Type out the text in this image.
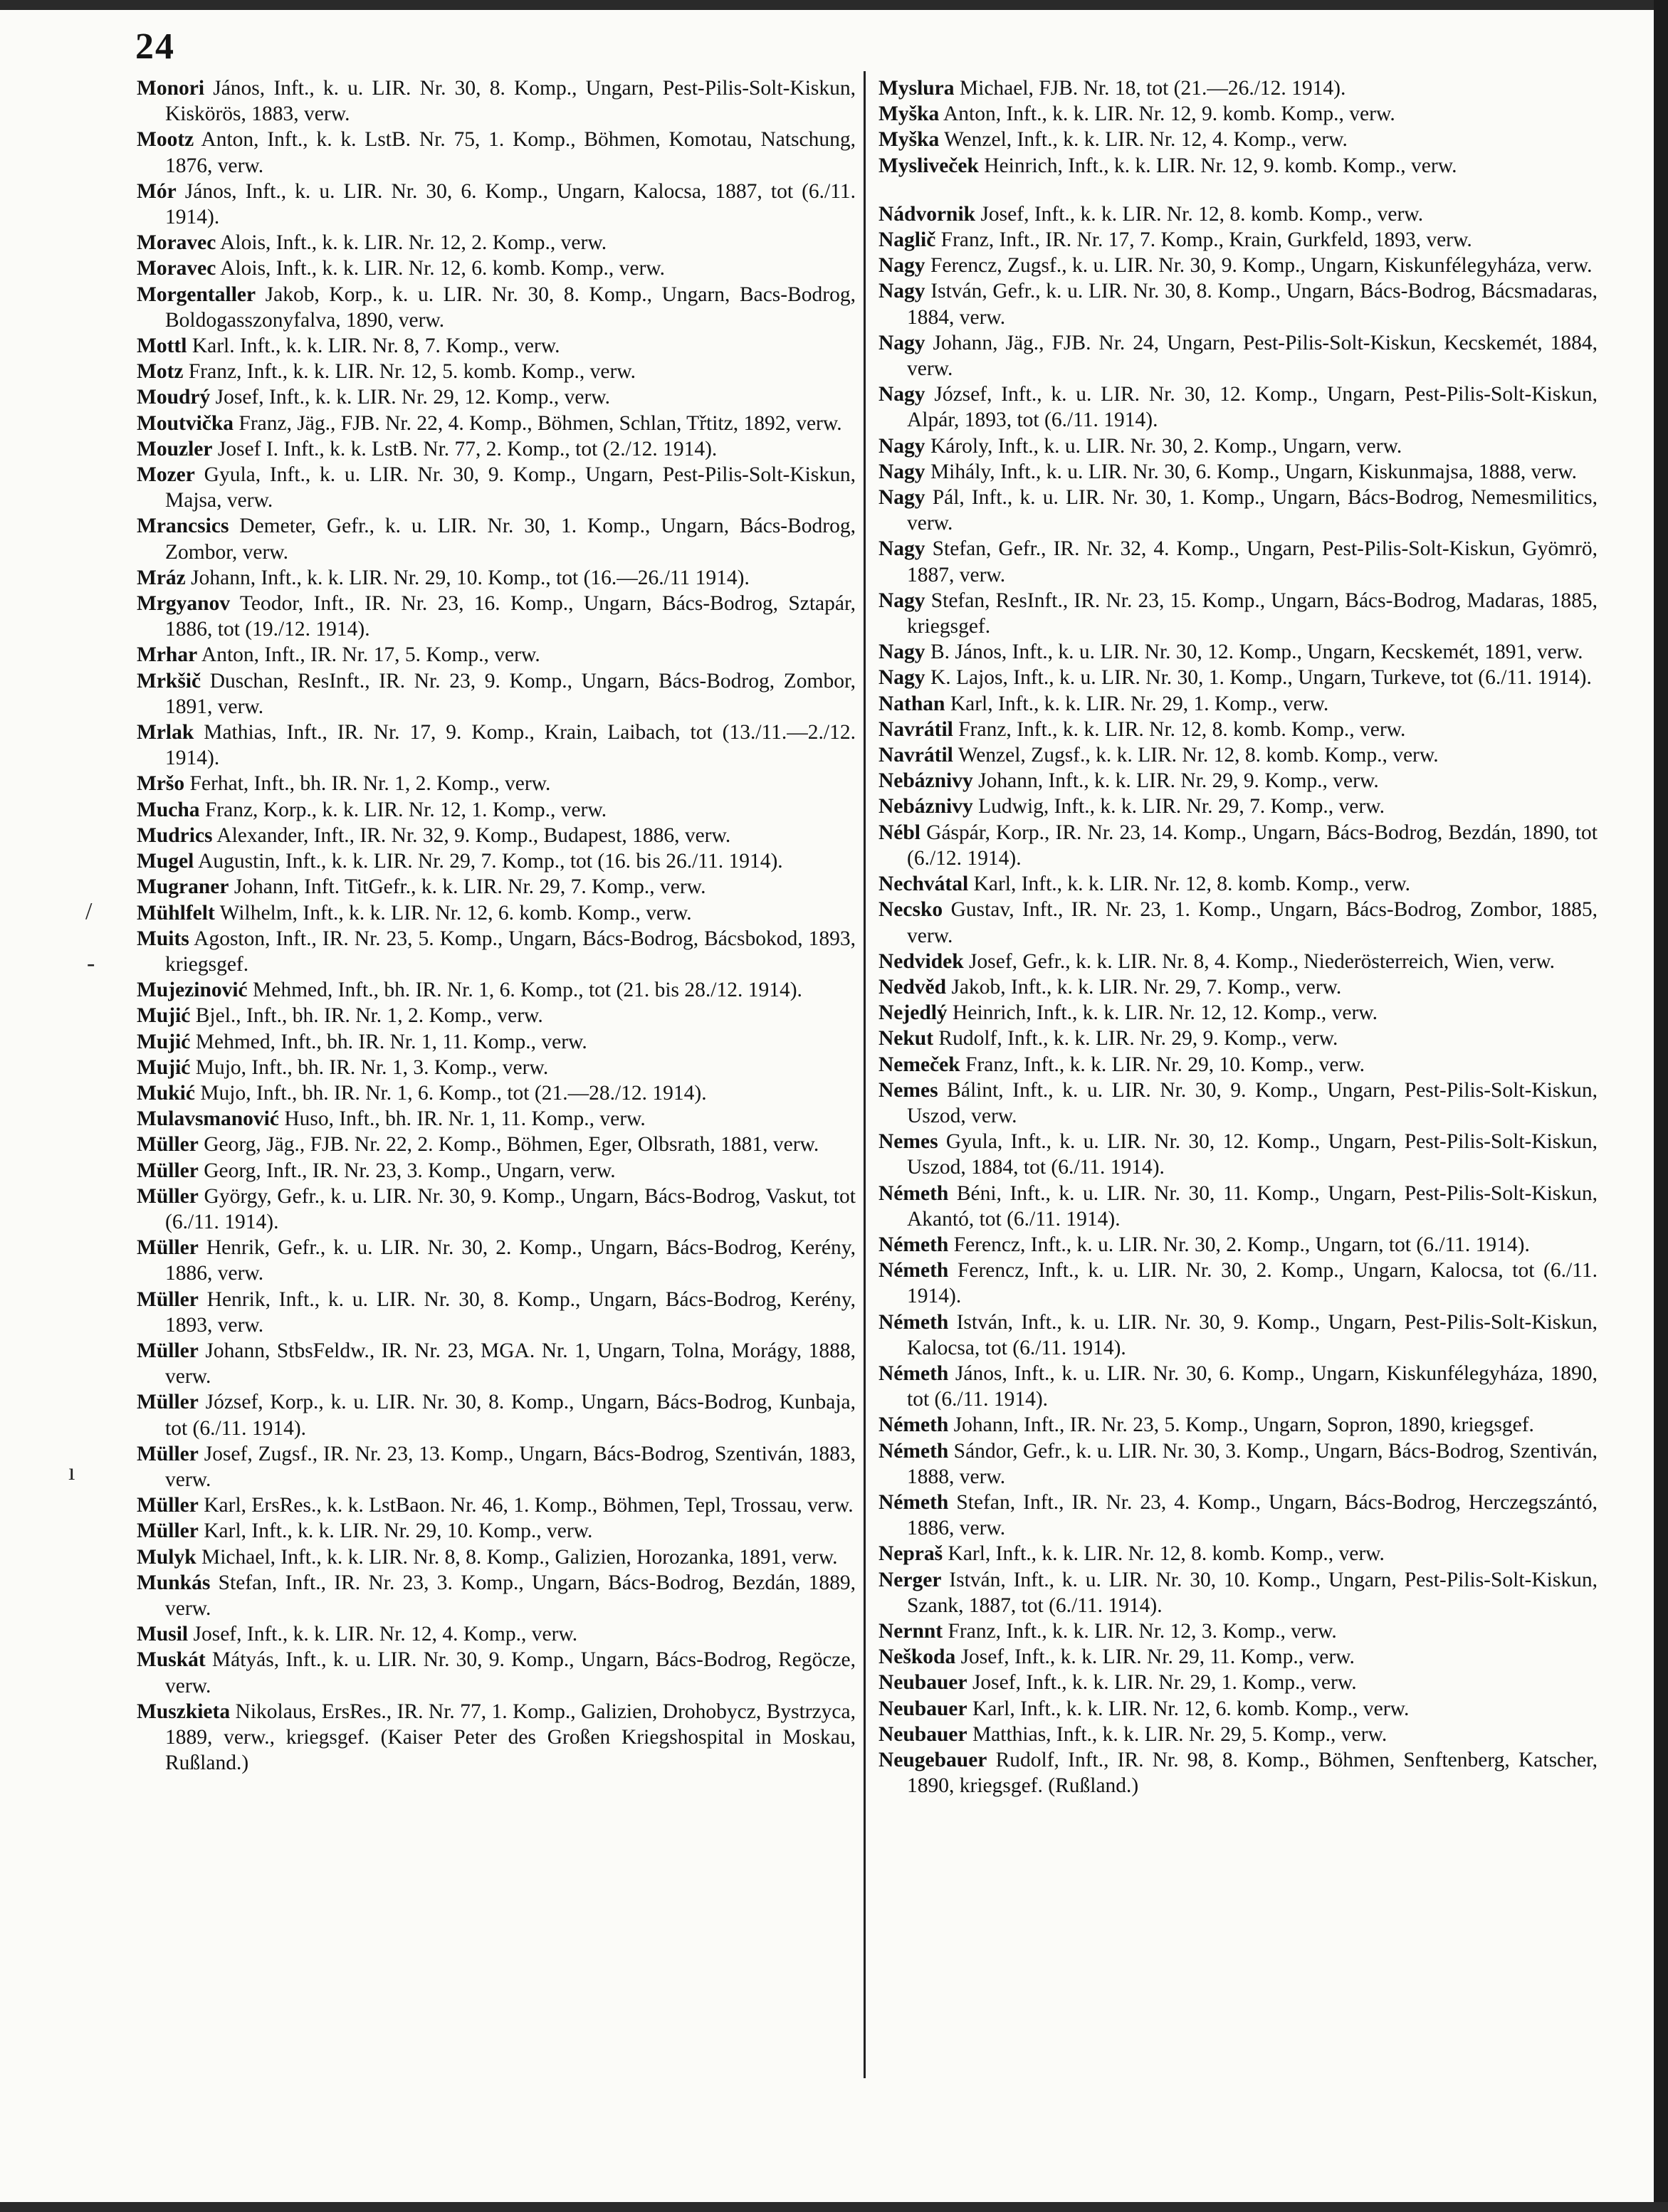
24
/
-
ı
Monori János, Inft., k. u. LIR. Nr. 30, 8. Komp., Ungarn, Pest-Pilis-Solt-Kiskun, Kiskörös, 1883, verw.
Mootz Anton, Inft., k. k. LstB. Nr. 75, 1. Komp., Böhmen, Komotau, Natschung, 1876, verw.
Mór János, Inft., k. u. LIR. Nr. 30, 6. Komp., Ungarn, Kalocsa, 1887, tot (6./11. 1914).
Moravec Alois, Inft., k. k. LIR. Nr. 12, 2. Komp., verw.
Moravec Alois, Inft., k. k. LIR. Nr. 12, 6. komb. Komp., verw.
Morgentaller Jakob, Korp., k. u. LIR. Nr. 30, 8. Komp., Ungarn, Bacs-Bodrog, Boldogasszonyfalva, 1890, verw.
Mottl Karl. Inft., k. k. LIR. Nr. 8, 7. Komp., verw.
Motz Franz, Inft., k. k. LIR. Nr. 12, 5. komb. Komp., verw.
Moudrý Josef, Inft., k. k. LIR. Nr. 29, 12. Komp., verw.
Moutvička Franz, Jäg., FJB. Nr. 22, 4. Komp., Böhmen, Schlan, Třtitz, 1892, verw.
Mouzler Josef I. Inft., k. k. LstB. Nr. 77, 2. Komp., tot (2./12. 1914).
Mozer Gyula, Inft., k. u. LIR. Nr. 30, 9. Komp., Ungarn, Pest-Pilis-Solt-Kiskun, Majsa, verw.
Mrancsics Demeter, Gefr., k. u. LIR. Nr. 30, 1. Komp., Ungarn, Bács-Bodrog, Zombor, verw.
Mráz Johann, Inft., k. k. LIR. Nr. 29, 10. Komp., tot (16.—26./11 1914).
Mrgyanov Teodor, Inft., IR. Nr. 23, 16. Komp., Ungarn, Bács-Bodrog, Sztapár, 1886, tot (19./12. 1914).
Mrhar Anton, Inft., IR. Nr. 17, 5. Komp., verw.
Mrkšič Duschan, ResInft., IR. Nr. 23, 9. Komp., Ungarn, Bács-Bodrog, Zombor, 1891, verw.
Mrlak Mathias, Inft., IR. Nr. 17, 9. Komp., Krain, Laibach, tot (13./11.—2./12. 1914).
Mršo Ferhat, Inft., bh. IR. Nr. 1, 2. Komp., verw.
Mucha Franz, Korp., k. k. LIR. Nr. 12, 1. Komp., verw.
Mudrics Alexander, Inft., IR. Nr. 32, 9. Komp., Budapest, 1886, verw.
Mugel Augustin, Inft., k. k. LIR. Nr. 29, 7. Komp., tot (16. bis 26./11. 1914).
Mugraner Johann, Inft. TitGefr., k. k. LIR. Nr. 29, 7. Komp., verw.
Mühlfelt Wilhelm, Inft., k. k. LIR. Nr. 12, 6. komb. Komp., verw.
Muits Agoston, Inft., IR. Nr. 23, 5. Komp., Ungarn, Bács-Bodrog, Bácsbokod, 1893, kriegsgef.
Mujezinović Mehmed, Inft., bh. IR. Nr. 1, 6. Komp., tot (21. bis 28./12. 1914).
Mujić Bjel., Inft., bh. IR. Nr. 1, 2. Komp., verw.
Mujić Mehmed, Inft., bh. IR. Nr. 1, 11. Komp., verw.
Mujić Mujo, Inft., bh. IR. Nr. 1, 3. Komp., verw.
Mukić Mujo, Inft., bh. IR. Nr. 1, 6. Komp., tot (21.—28./12. 1914).
Mulavsmanović Huso, Inft., bh. IR. Nr. 1, 11. Komp., verw.
Müller Georg, Jäg., FJB. Nr. 22, 2. Komp., Böhmen, Eger, Olbsrath, 1881, verw.
Müller Georg, Inft., IR. Nr. 23, 3. Komp., Ungarn, verw.
Müller György, Gefr., k. u. LIR. Nr. 30, 9. Komp., Ungarn, Bács-Bodrog, Vaskut, tot (6./11. 1914).
Müller Henrik, Gefr., k. u. LIR. Nr. 30, 2. Komp., Ungarn, Bács-Bodrog, Kerény, 1886, verw.
Müller Henrik, Inft., k. u. LIR. Nr. 30, 8. Komp., Ungarn, Bács-Bodrog, Kerény, 1893, verw.
Müller Johann, StbsFeldw., IR. Nr. 23, MGA. Nr. 1, Ungarn, Tolna, Morágy, 1888, verw.
Müller József, Korp., k. u. LIR. Nr. 30, 8. Komp., Ungarn, Bács-Bodrog, Kunbaja, tot (6./11. 1914).
Müller Josef, Zugsf., IR. Nr. 23, 13. Komp., Ungarn, Bács-Bodrog, Szentiván, 1883, verw.
Müller Karl, ErsRes., k. k. LstBaon. Nr. 46, 1. Komp., Böhmen, Tepl, Trossau, verw.
Müller Karl, Inft., k. k. LIR. Nr. 29, 10. Komp., verw.
Mulyk Michael, Inft., k. k. LIR. Nr. 8, 8. Komp., Galizien, Horozanka, 1891, verw.
Munkás Stefan, Inft., IR. Nr. 23, 3. Komp., Ungarn, Bács-Bodrog, Bezdán, 1889, verw.
Musil Josef, Inft., k. k. LIR. Nr. 12, 4. Komp., verw.
Muskát Mátyás, Inft., k. u. LIR. Nr. 30, 9. Komp., Ungarn, Bács-Bodrog, Regöcze, verw.
Muszkieta Nikolaus, ErsRes., IR. Nr. 77, 1. Komp., Galizien, Drohobycz, Bystrzyca, 1889, verw., kriegsgef. (Kaiser Peter des Großen Kriegshospital in Moskau, Rußland.)
Myslura Michael, FJB. Nr. 18, tot (21.—26./12. 1914).
Myška Anton, Inft., k. k. LIR. Nr. 12, 9. komb. Komp., verw.
Myška Wenzel, Inft., k. k. LIR. Nr. 12, 4. Komp., verw.
Mysliveček Heinrich, Inft., k. k. LIR. Nr. 12, 9. komb. Komp., verw.
Nádvornik Josef, Inft., k. k. LIR. Nr. 12, 8. komb. Komp., verw.
Naglič Franz, Inft., IR. Nr. 17, 7. Komp., Krain, Gurkfeld, 1893, verw.
Nagy Ferencz, Zugsf., k. u. LIR. Nr. 30, 9. Komp., Ungarn, Kiskunfélegyháza, verw.
Nagy István, Gefr., k. u. LIR. Nr. 30, 8. Komp., Ungarn, Bács-Bodrog, Bácsmadaras, 1884, verw.
Nagy Johann, Jäg., FJB. Nr. 24, Ungarn, Pest-Pilis-Solt-Kiskun, Kecskemét, 1884, verw.
Nagy József, Inft., k. u. LIR. Nr. 30, 12. Komp., Ungarn, Pest-Pilis-Solt-Kiskun, Alpár, 1893, tot (6./11. 1914).
Nagy Károly, Inft., k. u. LIR. Nr. 30, 2. Komp., Ungarn, verw.
Nagy Mihály, Inft., k. u. LIR. Nr. 30, 6. Komp., Ungarn, Kiskunmajsa, 1888, verw.
Nagy Pál, Inft., k. u. LIR. Nr. 30, 1. Komp., Ungarn, Bács-Bodrog, Nemesmilitics, verw.
Nagy Stefan, Gefr., IR. Nr. 32, 4. Komp., Ungarn, Pest-Pilis-Solt-Kiskun, Gyömrö, 1887, verw.
Nagy Stefan, ResInft., IR. Nr. 23, 15. Komp., Ungarn, Bács-Bodrog, Madaras, 1885, kriegsgef.
Nagy B. János, Inft., k. u. LIR. Nr. 30, 12. Komp., Ungarn, Kecskemét, 1891, verw.
Nagy K. Lajos, Inft., k. u. LIR. Nr. 30, 1. Komp., Ungarn, Turkeve, tot (6./11. 1914).
Nathan Karl, Inft., k. k. LIR. Nr. 29, 1. Komp., verw.
Navrátil Franz, Inft., k. k. LIR. Nr. 12, 8. komb. Komp., verw.
Navrátil Wenzel, Zugsf., k. k. LIR. Nr. 12, 8. komb. Komp., verw.
Nebáznivy Johann, Inft., k. k. LIR. Nr. 29, 9. Komp., verw.
Nebáznivy Ludwig, Inft., k. k. LIR. Nr. 29, 7. Komp., verw.
Nébl Gáspár, Korp., IR. Nr. 23, 14. Komp., Ungarn, Bács-Bodrog, Bezdán, 1890, tot (6./12. 1914).
Nechvátal Karl, Inft., k. k. LIR. Nr. 12, 8. komb. Komp., verw.
Necsko Gustav, Inft., IR. Nr. 23, 1. Komp., Ungarn, Bács-Bodrog, Zombor, 1885, verw.
Nedvidek Josef, Gefr., k. k. LIR. Nr. 8, 4. Komp., Niederösterreich, Wien, verw.
Nedvěd Jakob, Inft., k. k. LIR. Nr. 29, 7. Komp., verw.
Nejedlý Heinrich, Inft., k. k. LIR. Nr. 12, 12. Komp., verw.
Nekut Rudolf, Inft., k. k. LIR. Nr. 29, 9. Komp., verw.
Nemeček Franz, Inft., k. k. LIR. Nr. 29, 10. Komp., verw.
Nemes Bálint, Inft., k. u. LIR. Nr. 30, 9. Komp., Ungarn, Pest-Pilis-Solt-Kiskun, Uszod, verw.
Nemes Gyula, Inft., k. u. LIR. Nr. 30, 12. Komp., Ungarn, Pest-Pilis-Solt-Kiskun, Uszod, 1884, tot (6./11. 1914).
Németh Béni, Inft., k. u. LIR. Nr. 30, 11. Komp., Ungarn, Pest-Pilis-Solt-Kiskun, Akantó, tot (6./11. 1914).
Németh Ferencz, Inft., k. u. LIR. Nr. 30, 2. Komp., Ungarn, tot (6./11. 1914).
Németh Ferencz, Inft., k. u. LIR. Nr. 30, 2. Komp., Ungarn, Kalocsa, tot (6./11. 1914).
Németh István, Inft., k. u. LIR. Nr. 30, 9. Komp., Ungarn, Pest-Pilis-Solt-Kiskun, Kalocsa, tot (6./11. 1914).
Németh János, Inft., k. u. LIR. Nr. 30, 6. Komp., Ungarn, Kiskunfélegyháza, 1890, tot (6./11. 1914).
Németh Johann, Inft., IR. Nr. 23, 5. Komp., Ungarn, Sopron, 1890, kriegsgef.
Németh Sándor, Gefr., k. u. LIR. Nr. 30, 3. Komp., Ungarn, Bács-Bodrog, Szentiván, 1888, verw.
Németh Stefan, Inft., IR. Nr. 23, 4. Komp., Ungarn, Bács-Bodrog, Herczegszántó, 1886, verw.
Nepraš Karl, Inft., k. k. LIR. Nr. 12, 8. komb. Komp., verw.
Nerger István, Inft., k. u. LIR. Nr. 30, 10. Komp., Ungarn, Pest-Pilis-Solt-Kiskun, Szank, 1887, tot (6./11. 1914).
Nernnt Franz, Inft., k. k. LIR. Nr. 12, 3. Komp., verw.
Neškoda Josef, Inft., k. k. LIR. Nr. 29, 11. Komp., verw.
Neubauer Josef, Inft., k. k. LIR. Nr. 29, 1. Komp., verw.
Neubauer Karl, Inft., k. k. LIR. Nr. 12, 6. komb. Komp., verw.
Neubauer Matthias, Inft., k. k. LIR. Nr. 29, 5. Komp., verw.
Neugebauer Rudolf, Inft., IR. Nr. 98, 8. Komp., Böhmen, Senftenberg, Katscher, 1890, kriegsgef. (Rußland.)
